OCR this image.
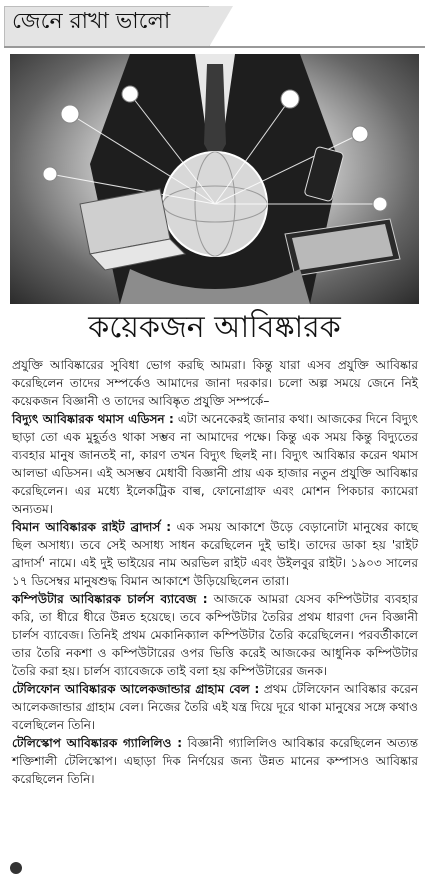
জেনে রাখা ভালো
কয়েকজন আবিষ্কারক

প্রযুক্তি আবিষ্কারের সুবিধা ভোগ করছি আমরা। কিন্তু যারা এসব প্রযুক্তি আবিষ্কার করেছিলেন তাদের সম্পর্কেও আমাদের জানা দরকার। চলো অল্প সময়ে জেনে নিই কয়েকজন বিজ্ঞানী ও তাদের আবিষ্কৃত প্রযুক্তি সম্পর্কে–

বিদ্যুৎ আবিষ্কারক থমাস এডিসন : এটা অনেকেরই জানার কথা। আজকের দিনে বিদ্যুৎ ছাড়া তো এক মুহূর্তও থাকা সম্ভব না আমাদের পক্ষে। কিন্তু এক সময় কিন্তু বিদ্যুতের ব্যবহার মানুষ জানতই না, কারণ তখন বিদ্যুৎ ছিলই না। বিদ্যুৎ আবিষ্কার করেন থমাস আলভা এডিসন। এই অসম্ভব মেধাবী বিজ্ঞানী প্রায় এক হাজার নতুন প্রযুক্তি আবিষ্কার করেছিলেন। এর মধ্যে ইলেকট্রিক বাল্ব, ফোনোগ্রাফ এবং মোশন পিকচার ক্যামেরা অন্যতম।

বিমান আবিষ্কারক রাইট ব্রাদার্স : এক সময় আকাশে উড়ে বেড়ানোটা মানুষের কাছে ছিল অসাধ্য। তবে সেই অসাধ্য সাধন করেছিলেন দুই ভাই। তাদের ডাকা হয় 'রাইট ব্রাদার্স' নামে। এই দুই ভাইয়ের নাম অরভিল রাইট এবং উইলবুর রাইট। ১৯০৩ সালের ১৭ ডিসেম্বর মানুষশুদ্ধ বিমান আকাশে উড়িয়েছিলেন তারা।

কম্পিউটার আবিষ্কারক চার্লস ব্যাবেজ : আজকে আমরা যেসব কম্পিউটার ব্যবহার করি, তা ধীরে ধীরে উন্নত হয়েছে। তবে কম্পিউটার তৈরির প্রথম ধারণা দেন বিজ্ঞানী চার্লস ব্যাবেজ। তিনিই প্রথম মেকানিক্যাল কম্পিউটার তৈরি করেছিলেন। পরবর্তীকালে তার তৈরি নকশা ও কম্পিউটারের ওপর ভিত্তি করেই আজকের আধুনিক কম্পিউটার তৈরি করা হয়। চার্লস ব্যাবেজকে তাই বলা হয় কম্পিউটারের জনক।

টেলিফোন আবিষ্কারক আলেকজান্ডার গ্রাহাম বেল : প্রথম টেলিফোন আবিষ্কার করেন আলেকজান্ডার গ্রাহাম বেল। নিজের তৈরি এই যন্ত্র দিয়ে দূরে থাকা মানুষের সঙ্গে কথাও বলেছিলেন তিনি।

টেলিস্কোপ আবিষ্কারক গ্যালিলিও : বিজ্ঞানী গ্যালিলিও আবিষ্কার করেছিলেন অত্যন্ত শক্তিশালী টেলিস্কোপ। এছাড়া দিক নির্ণয়ের জন্য উন্নত মানের কম্পাসও আবিষ্কার করেছিলেন তিনি।
